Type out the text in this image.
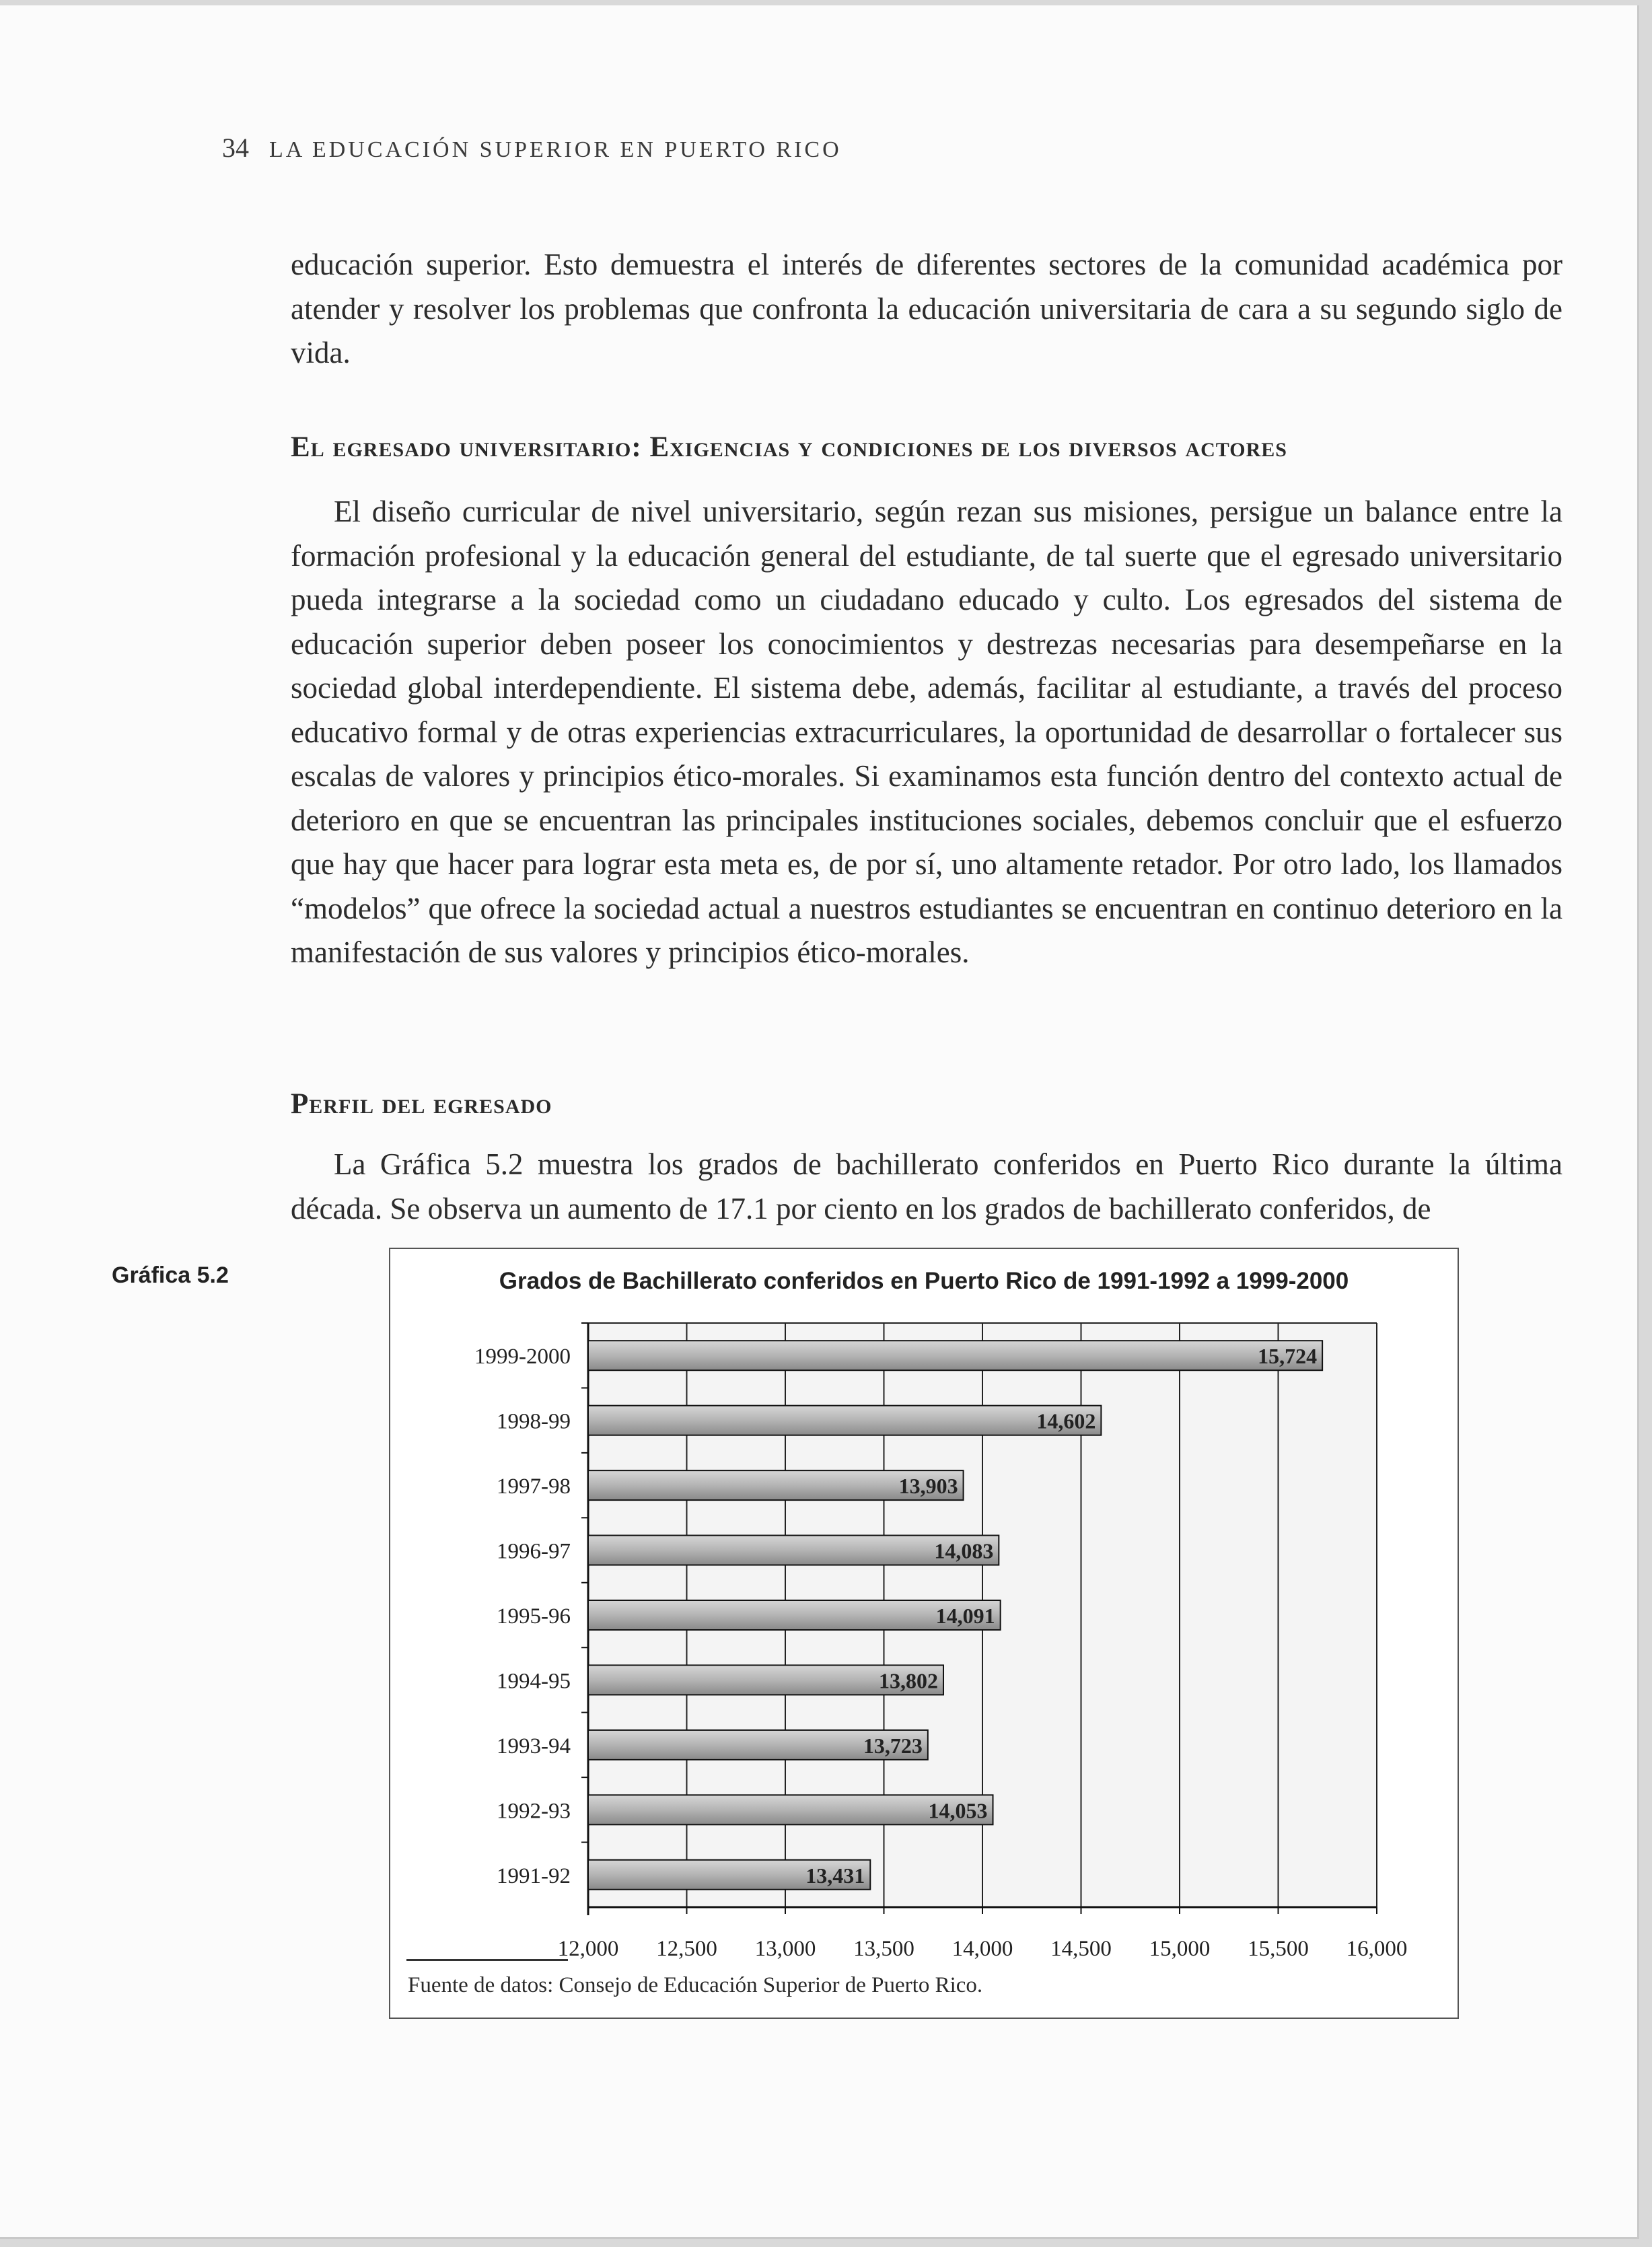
34 LA EDUCACIÓN SUPERIOR EN PUERTO RICO
educación superior. Esto demuestra el interés de diferentes sectores de la comunidad académica por atender y resolver los problemas que confronta la educación universitaria de cara a su segundo siglo de vida.
El egresado universitario: Exigencias y condiciones de los diversos actores
El diseño curricular de nivel universitario, según rezan sus misiones, persigue un balance entre la formación profesional y la educación general del estudiante, de tal suerte que el egresado universitario pueda integrarse a la sociedad como un ciudadano educado y culto. Los egresados del sistema de educación superior deben poseer los conocimientos y destrezas necesarias para desempeñarse en la sociedad global interdependiente. El sistema debe, además, facilitar al estudiante, a través del proceso educativo formal y de otras experiencias extracurriculares, la oportunidad de desarrollar o fortalecer sus escalas de valores y principios ético-morales. Si examinamos esta función dentro del contexto actual de deterioro en que se encuentran las principales instituciones sociales, debemos concluir que el esfuerzo que hay que hacer para lograr esta meta es, de por sí, uno altamente retador. Por otro lado, los llamados “modelos” que ofrece la sociedad actual a nuestros estudiantes se encuentran en continuo deterioro en la manifestación de sus valores y principios ético-morales.
Perfil del egresado
La Gráfica 5.2 muestra los grados de bachillerato conferidos en Puerto Rico durante la última década. Se observa un aumento de 17.1 por ciento en los grados de bachillerato conferidos, de
Gráfica 5.2	Grados de Bachillerato conferidos en Puerto Rico de 1991-1992 a 1999-2000
12,000 12,500 13,000 13,500 14,000 14,500 15,000 15,500 16,000
1999-2000	15,724
1998-99	14,602
1997-98	13,903
1996-97	14,083
1995-96	14,091
1994-95	13,802
1993-94	13,723
1992-93	14,053
1991-92	13,431
Fuente de datos: Consejo de Educación Superior de Puerto Rico.
